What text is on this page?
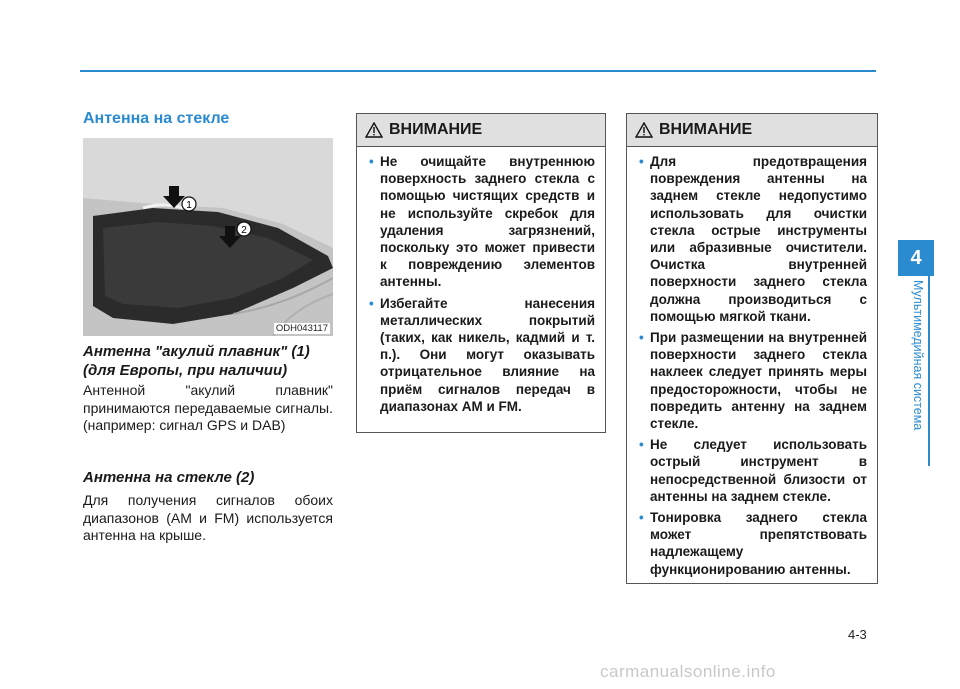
Антенна на стекле
1
2
ODH043117
Антенна "акулий плавник" (1) (для Европы, при наличии)
Антенной "акулий плавник" принимаются передаваемые сигналы. (например: сигнал GPS и DAB)
Антенна на стекле (2)
Для получения сигналов обоих диапазонов (АМ и FM) используется антенна на крыше.
ВНИМАНИЕ
• Не очищайте внутреннюю поверхность заднего стекла с помощью чистящих средств и не используйте скребок для удаления загрязнений, поскольку это может привести к повреждению элементов антенны.
• Избегайте нанесения металлических покрытий (таких, как никель, кадмий и т. п.). Они могут оказывать отрицательное влияние на приём сигналов передач в диапазонах АМ и FM.
ВНИМАНИЕ
• Для предотвращения повреждения антенны на заднем стекле недопустимо использовать для очистки стекла острые инструменты или абразивные очистители. Очистка внутренней поверхности заднего стекла должна производиться с помощью мягкой ткани.
• При размещении на внутренней поверхности заднего стекла наклеек следует принять меры предосторожности, чтобы не повредить антенну на заднем стекле.
• Не следует использовать острый инструмент в непосредственной близости от антенны на заднем стекле.
• Тонировка заднего стекла может препятствовать надлежащему функционированию антенны.
4
Мультимедийная система
4-3
carmanualsonline.info
